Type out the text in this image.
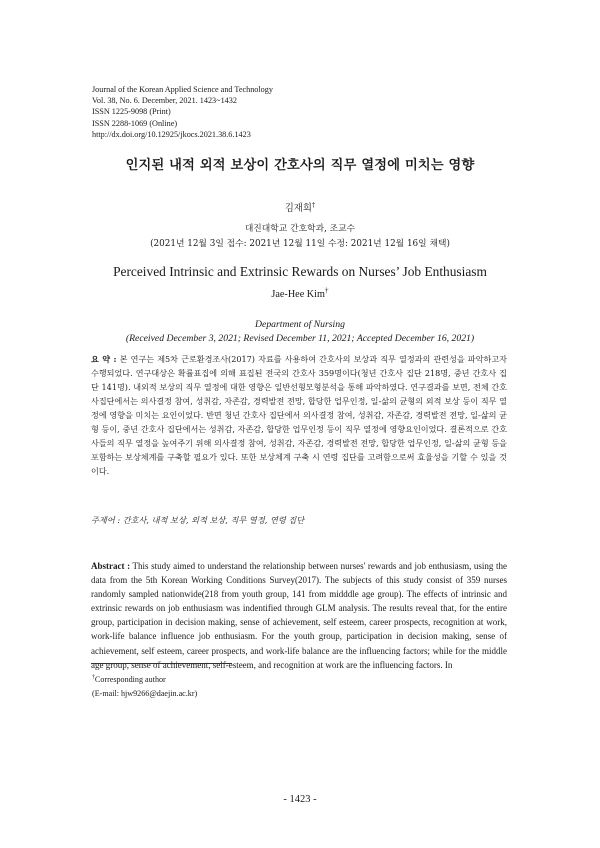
Journal of the Korean Applied Science and Technology
Vol. 38, No. 6. December, 2021. 1423~1432
ISSN 1225-9098 (Print)
ISSN 2288-1069 (Online)
http://dx.doi.org/10.12925/jkocs.2021.38.6.1423
인지된 내적 외적 보상이 간호사의 직무 열정에 미치는 영향
김재희†
대진대학교 간호학과, 조교수
(2021년 12월 3일 접수: 2021년 12월 11일 수정: 2021년 12월 16일 채택)
Perceived Intrinsic and Extrinsic Rewards on Nurses’ Job Enthusiasm
Jae-Hee Kim†
Department of Nursing
(Received December 3, 2021; Revised December 11, 2021; Accepted December 16, 2021)
요 약 : 본 연구는 제5차 근로환경조사(2017) 자료를 사용하여 간호사의 보상과 직무 열정과의 관련성을 파악하고자 수행되었다. 연구대상은 확률표집에 의해 표집된 전국의 간호사 359명이다(청년 간호사 집단 218명, 중년 간호사 집단 141명). 내외적 보상의 직무 열정에 대한 영향은 일반선형모형분석을 통해 파악하였다. 연구결과를 보면, 전체 간호사집단에서는 의사결정 참여, 성취감, 자존감, 경력발전 전망, 합당한 업무인정, 일-삶의 균형의 외적 보상 등이 직무 열정에 영향을 미치는 요인이었다. 반면 청년 간호사 집단에서 의사결정 참여, 성취감, 자존감, 경력발전 전망, 일-삶의 균형 등이, 중년 간호사 집단에서는 성취감, 자존감, 합당한 업무인정 등이 직무 열정에 영향요인이었다. 결론적으로 간호사들의 직무 열정을 높여주기 위해 의사결정 참여, 성취감, 자존감, 경력발전 전망, 합당한 업무인정, 일-삶의 균형 등을 포함하는 보상체계를 구축할 필요가 있다. 또한 보상체계 구축 시 연령 집단를 고려함으로써 효율성을 기할 수 있을 것이다.
주제어 : 간호사, 내적 보상, 외적 보상, 직무 열정, 연령 집단
Abstract : This study aimed to understand the relationship between nurses' rewards and job enthusiasm, using the data from the 5th Korean Working Conditions Survey(2017). The subjects of this study consist of 359 nurses randomly sampled nationwide(218 from youth group, 141 from midddle age group). The effects of intrinsic and extrinsic rewards on job enthusiasm was indentified through GLM analysis. The results reveal that, for the entire group, participation in decision making, sense of achievement, self esteem, career prospects, recognition at work, work-life balance influence job enthusiasm. For the youth group, participation in decision making, sense of achievement, self esteem, career prospects, and work-life balance are the influencing factors; while for the middle age group, sense of achievement, self-esteem, and recognition at work are the influencing factors. In
†Corresponding author
(E-mail: hjw9266@daejin.ac.kr)
- 1423 -
